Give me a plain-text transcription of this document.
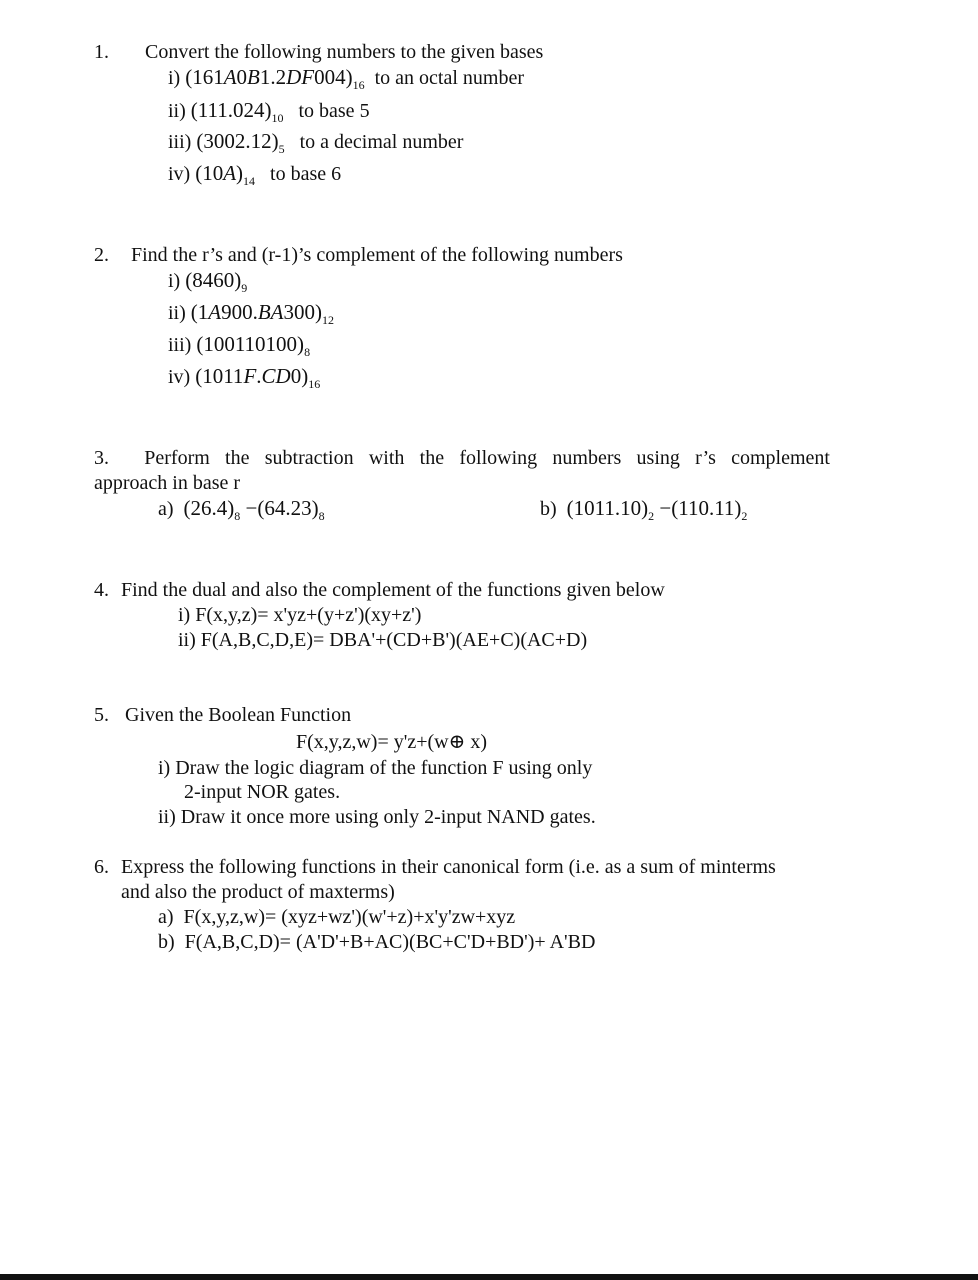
1. Convert the following numbers to the given bases
i) $(161A0B1.2DF004)_{16}$ to an octal number
ii) $(111.024)_{10}$ to base 5
iii) $(3002.12)_5$ to a decimal number
iv) $(10A)_{14}$ to base 6
2. Find the r’s and (r-1)’s complement of the following numbers
i) $(8460)_9$
ii) $(1A900.BA300)_{12}$
iii) $(100110100)_8$
iv) $(1011F.CD0)_{16}$
3. Perform the subtraction with the following numbers using r’s complement
approach in base r
a) $(26.4)_8 -(64.23)_8$	b) $(1011.10)_2 -(110.11)_2$
4. Find the dual and also the complement of the functions given below
i) F(x,y,z)= x'yz+(y+z')(xy+z')
ii) F(A,B,C,D,E)= DBA'+(CD+B')(AE+C)(AC+D)
5. Given the Boolean Function
F(x,y,z,w)= y'z+(w⊕ x)
i) Draw the logic diagram of the function F using only
2-input NOR gates.
ii) Draw it once more using only 2-input NAND gates.
6. Express the following functions in their canonical form (i.e. as a sum of minterms
and also the product of maxterms)
a) F(x,y,z,w)= (xyz+wz')(w'+z)+x'y'zw+xyz
b) F(A,B,C,D)= (A'D'+B+AC)(BC+C'D+BD')+ A'BD
